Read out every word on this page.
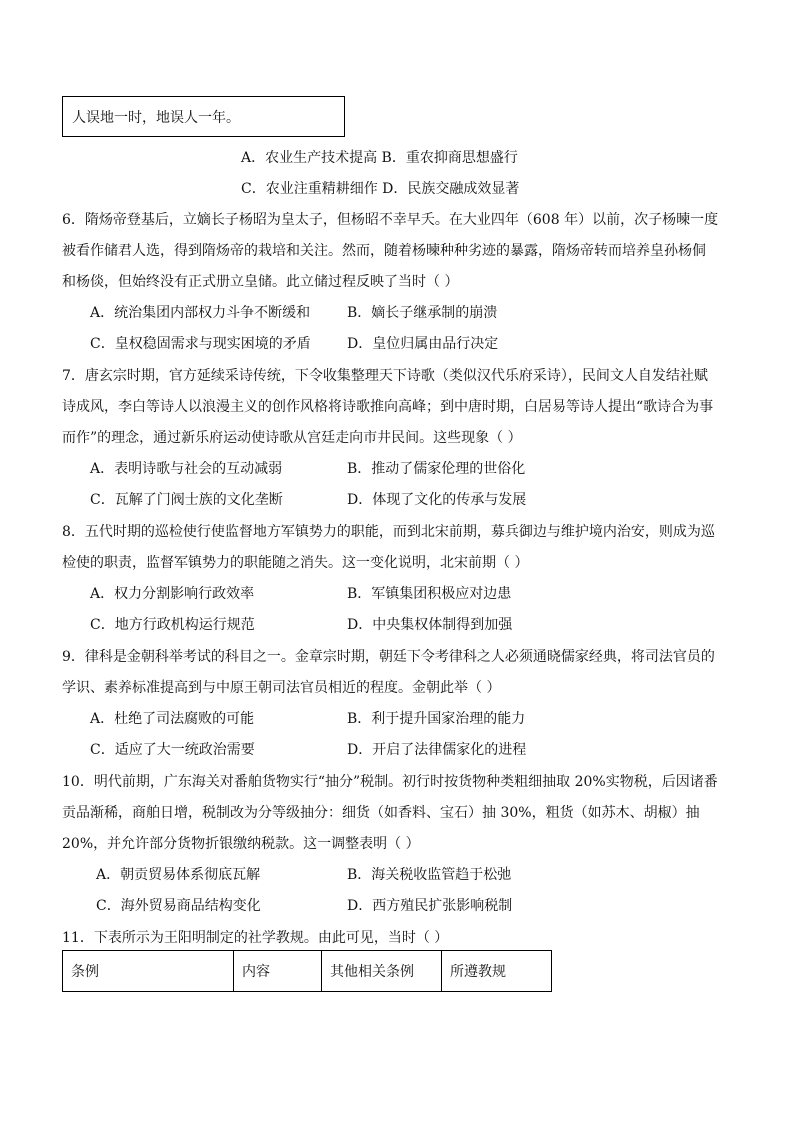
人误地一时，地误人一年。
A．农业生产技术提高 B．重农抑商思想盛行
C．农业注重精耕细作 D．民族交融成效显著
6．隋炀帝登基后，立嫡长子杨昭为皇太子，但杨昭不幸早夭。在大业四年（608 年）以前，次子杨暕一度
被看作储君人选，得到隋炀帝的栽培和关注。然而，随着杨暕种种劣迹的暴露，隋炀帝转而培养皇孙杨侗
和杨倓，但始终没有正式册立皇储。此立储过程反映了当时（ ）
A．统治集团内部权力斗争不断缓和	B．嫡长子继承制的崩溃
C．皇权稳固需求与现实困境的矛盾	D．皇位归属由品行决定
7．唐玄宗时期，官方延续采诗传统，下令收集整理天下诗歌（类似汉代乐府采诗），民间文人自发结社赋
诗成风，李白等诗人以浪漫主义的创作风格将诗歌推向高峰；到中唐时期，白居易等诗人提出“歌诗合为事
而作”的理念，通过新乐府运动使诗歌从宫廷走向市井民间。这些现象（ ）
A．表明诗歌与社会的互动减弱	B．推动了儒家伦理的世俗化
C．瓦解了门阀士族的文化垄断	D．体现了文化的传承与发展
8．五代时期的巡检使行使监督地方军镇势力的职能，而到北宋前期，募兵御边与维护境内治安，则成为巡
检使的职责，监督军镇势力的职能随之消失。这一变化说明，北宋前期（ ）
A．权力分割影响行政效率	B．军镇集团积极应对边患
C．地方行政机构运行规范	D．中央集权体制得到加强
9．律科是金朝科举考试的科目之一。金章宗时期，朝廷下令考律科之人必须通晓儒家经典，将司法官员的
学识、素养标准提高到与中原王朝司法官员相近的程度。金朝此举（ ）
A．杜绝了司法腐败的可能	B．利于提升国家治理的能力
C．适应了大一统政治需要	D．开启了法律儒家化的进程
10．明代前期，广东海关对番舶货物实行“抽分”税制。初行时按货物种类粗细抽取 20%实物税，后因诸番
贡品渐稀，商舶日增，税制改为分等级抽分：细货（如香料、宝石）抽 30%，粗货（如苏木、胡椒）抽
20%，并允许部分货物折银缴纳税款。这一调整表明（ ）
A．朝贡贸易体系彻底瓦解	B．海关税收监管趋于松弛
C．海外贸易商品结构变化	D．西方殖民扩张影响税制
11．下表所示为王阳明制定的社学教规。由此可见，当时（ ）
条例	内容	其他相关条例	所遵教规
